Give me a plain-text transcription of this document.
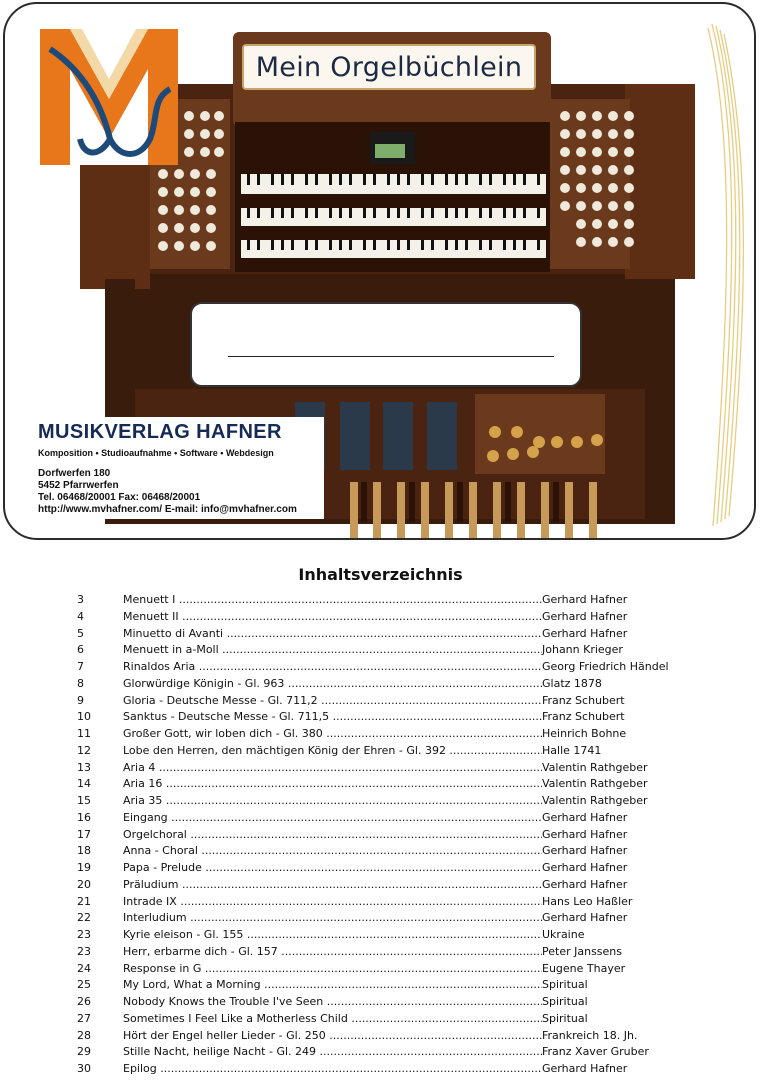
Mein Orgelbüchlein
MUSIKVERLAG HAFNER
Komposition • Studioaufnahme • Software • Webdesign
Dorfwerfen 180
5452 Pfarrwerfen
Tel. 06468/20001 Fax: 06468/20001
http://www.mvhafner.com/ E-mail: info@mvhafner.com
Inhaltsverzeichnis
3	Menuett I .....	Gerhard Hafner
4	Menuett II .....	Gerhard Hafner
5	Minuetto di Avanti .....	Gerhard Hafner
6	Menuett in a-Moll .....	Johann Krieger
7	Rinaldos Aria .....	Georg Friedrich Händel
8	Glorwürdige Königin - Gl. 963 .....	Glatz 1878
9	Gloria - Deutsche Messe - Gl. 711,2 .....	Franz Schubert
10	Sanktus - Deutsche Messe - Gl. 711,5 .....	Franz Schubert
11	Großer Gott, wir loben dich - Gl. 380 .....	Heinrich Bohne
12	Lobe den Herren, den mächtigen König der Ehren - Gl. 392 .....	Halle 1741
13	Aria 4 .....	Valentin Rathgeber
14	Aria 16 .....	Valentin Rathgeber
15	Aria 35 .....	Valentin Rathgeber
16	Eingang .....	Gerhard Hafner
17	Orgelchoral .....	Gerhard Hafner
18	Anna - Choral .....	Gerhard Hafner
19	Papa - Prelude .....	Gerhard Hafner
20	Präludium .....	Gerhard Hafner
21	Intrade IX .....	Hans Leo Haßler
22	Interludium .....	Gerhard Hafner
23	Kyrie eleison - Gl. 155 .....	Ukraine
23	Herr, erbarme dich - Gl. 157 .....	Peter Janssens
24	Response in G .....	Eugene Thayer
25	My Lord, What a Morning .....	Spiritual
26	Nobody Knows the Trouble I've Seen .....	Spiritual
27	Sometimes I Feel Like a Motherless Child .....	Spiritual
28	Hört der Engel heller Lieder - Gl. 250 .....	Frankreich 18. Jh.
29	Stille Nacht, heilige Nacht - Gl. 249 .....	Franz Xaver Gruber
30	Epilog .....	Gerhard Hafner
